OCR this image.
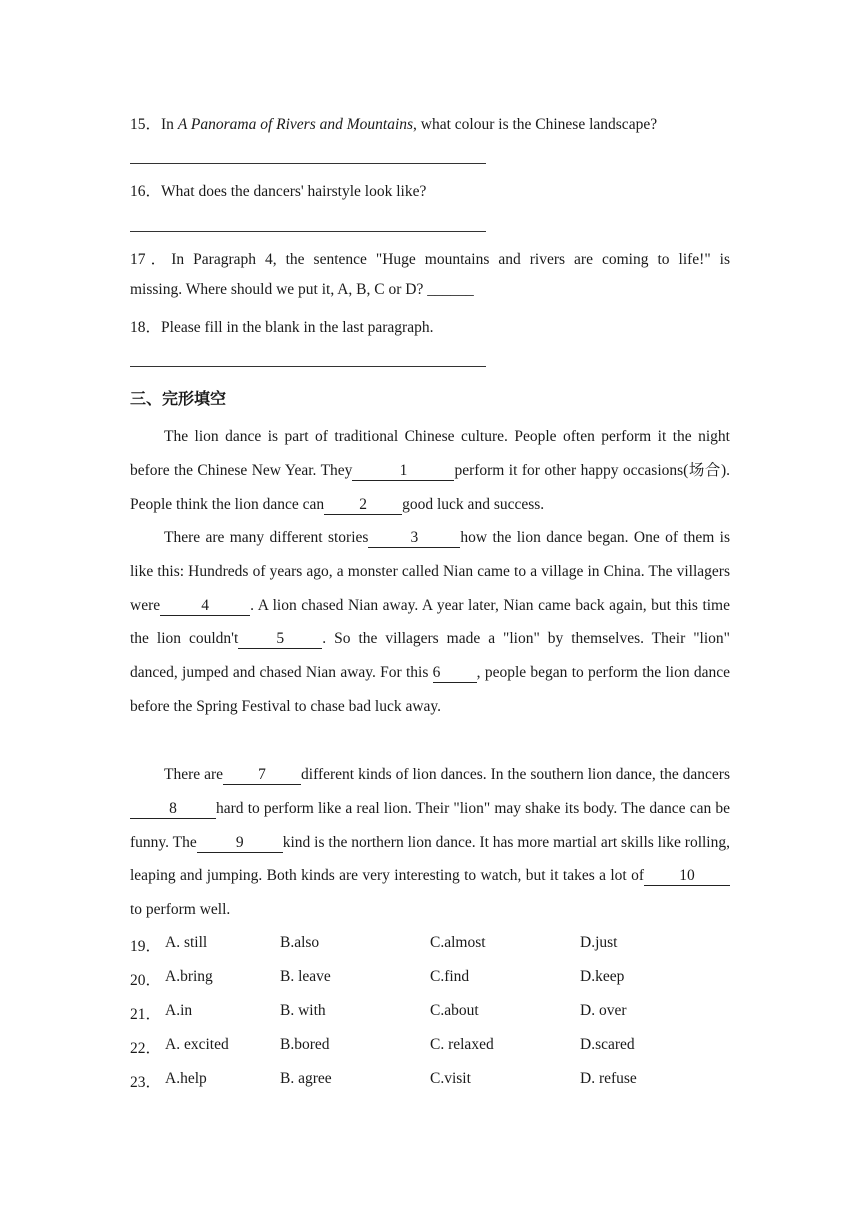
15．In A Panorama of Rivers and Mountains, what colour is the Chinese landscape?
16．What does the dancers' hairstyle look like?
17．In Paragraph 4, the sentence "Huge mountains and rivers are coming to life!" is
missing. Where should we put it, A, B, C or D? ______
18．Please fill in the blank in the last paragraph.
三、完形填空
The lion dance is part of traditional Chinese culture. People often perform it the night before the Chinese New Year. They	1	perform it for other happy occasions(场合). People think the lion dance can 2 good luck and success.
There are many different stories	3	how the lion dance began. One of them is like this: Hundreds of years ago, a monster called Nian came to a village in China. The villagers were	4	. A lion chased Nian away. A year later, Nian came back again, but this time the lion couldn't 5 . So the villagers made a "lion" by themselves. Their "lion" danced, jumped and chased Nian away. For this 6 , people began to perform the lion dance before the Spring Festival to chase bad luck away.
There are 7 different kinds of lion dances. In the southern lion dance, the dancers8	hard to perform like a real lion. Their "lion" may shake its body. The dance can be funny. The	9	kind is the northern lion dance. It has more martial art skills like rolling, leaping and jumping. Both kinds are very interesting to watch, but it takes a lot of 10to perform well.
19． A. still	B.also	C.almost	D.just
20． A.bring	B. leave	C.find	D.keep
21． A.in	B. with	C.about	D. over
22． A. excited	B.bored	C. relaxed	D.scared
23． A.help	B. agree	C.visit	D. refuse
